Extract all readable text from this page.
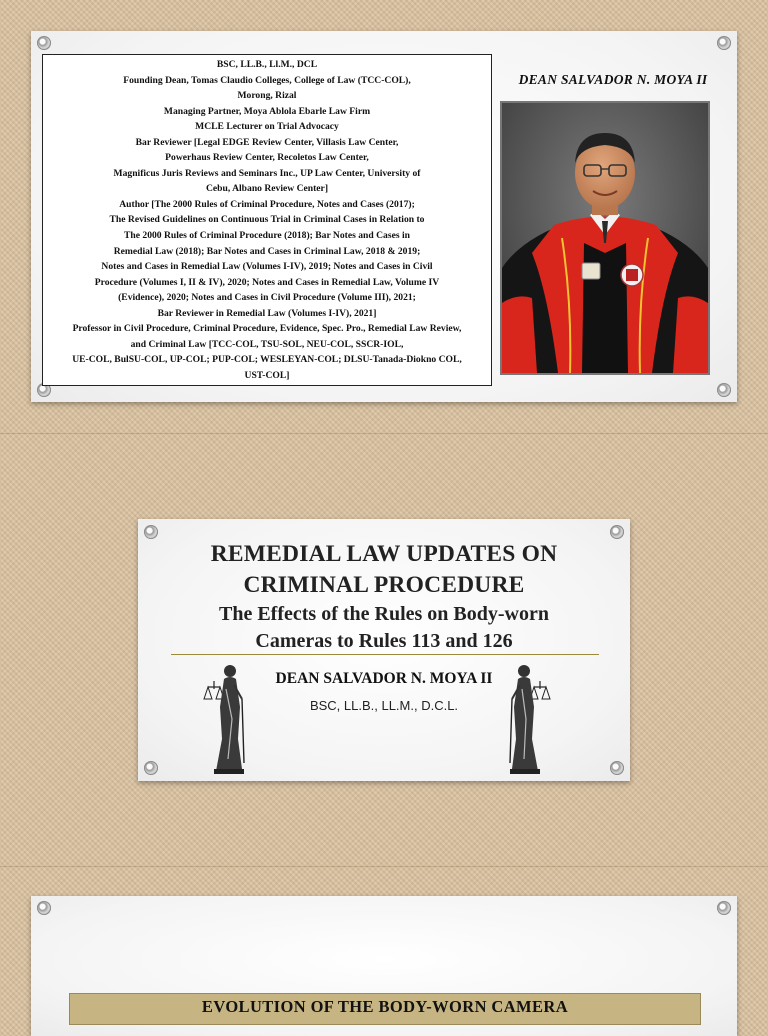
BSC, LL.B., Ll.M., DCL
Founding Dean, Tomas Claudio Colleges, College of Law (TCC-COL),
Morong, Rizal
Managing Partner, Moya Ablola Ebarle Law Firm
MCLE Lecturer on Trial Advocacy
Bar Reviewer [Legal EDGE Review Center, Villasis Law Center,
Powerhaus Review Center, Recoletos Law Center,
Magnificus Juris Reviews and Seminars Inc., UP Law Center, University of
Cebu, Albano Review Center]
Author [The 2000 Rules of Criminal Procedure, Notes and Cases (2017);
The Revised Guidelines on Continuous Trial in Criminal Cases in Relation to
The 2000 Rules of Criminal Procedure (2018); Bar Notes and Cases in
Remedial Law (2018); Bar Notes and Cases in Criminal Law, 2018 & 2019;
Notes and Cases in Remedial Law (Volumes I-IV), 2019; Notes and Cases in Civil
Procedure (Volumes I, II & IV), 2020; Notes and Cases in Remedial Law, Volume IV
(Evidence), 2020; Notes and Cases in Civil Procedure (Volume III), 2021;
Bar Reviewer in Remedial Law (Volumes I-IV), 2021]
Professor in Civil Procedure, Criminal Procedure, Evidence, Spec. Pro., Remedial Law Review,
and Criminal Law [TCC-COL, TSU-SOL, NEU-COL, SSCR-IOL,
UE-COL, BulSU-COL, UP-COL; PUP-COL; WESLEYAN-COL; DLSU-Tanada-Diokno COL,
UST-COL]
DEAN SALVADOR N. MOYA II
REMEDIAL LAW UPDATES ON
CRIMINAL PROCEDURE
The Effects of the Rules on Body-worn
Cameras to Rules 113 and 126
DEAN SALVADOR N. MOYA II
BSC, LL.B., LL.M., D.C.L.
EVOLUTION OF THE BODY-WORN CAMERA
